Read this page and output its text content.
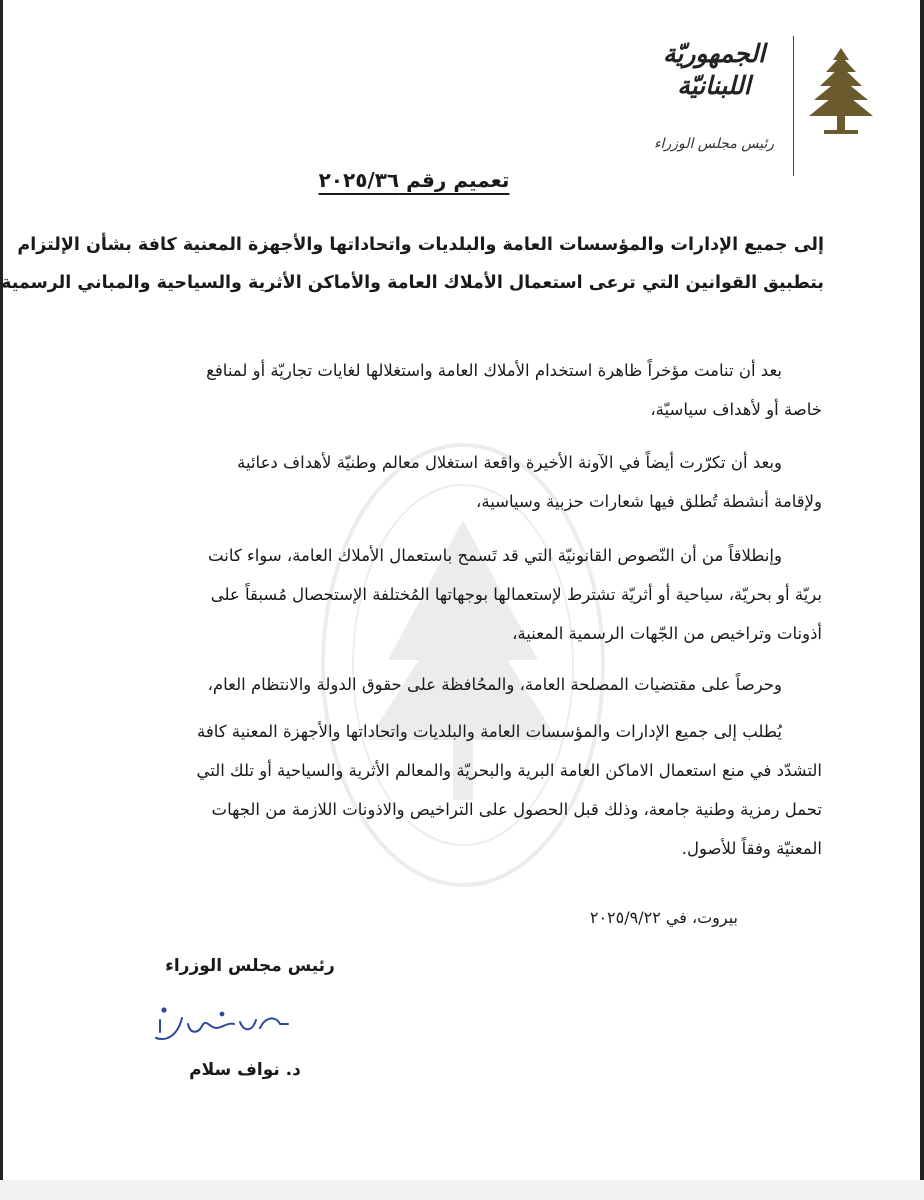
الجمهوريّة
اللبنانيّة
رئيس مجلس الوزراء
تعميم رقم ٢٠٢٥/٣٦
إلى جميع الإدارات والمؤسسات العامة والبلديات واتحاداتها والأجهزة المعنية كافة بشأن الإلتزام
بتطبيق القوانين التي ترعى استعمال الأملاك العامة والأماكن الأثرية والسياحية والمباني الرسمية
بعد أن تنامت مؤخراً ظاهرة استخدام الأملاك العامة واستغلالها لغايات تجاريّة أو لمنافع
خاصة أو لأهداف سياسيّة،
وبعد أن تكرّرت أيضاً في الآونة الأخيرة واقعة استغلال معالم وطنيّة لأهداف دعائية
ولإقامة أنشطة تُطلق فيها شعارات حزبية وسياسية،
وإنطلاقاً من أن النّصوص القانونيّة التي قد تَسمح باستعمال الأملاك العامة، سواء كانت
بريّة أو بحريّة، سياحية أو أثريّة تشترط لإستعمالها بوجهاتها المُختلفة الإستحصال مُسبقاً على
أذونات وتراخيص من الجّهات الرسمية المعنية،
وحرصاً على مقتضيات المصلحة العامة، والمحُافظة على حقوق الدولة والانتظام العام،
يُطلب إلى جميع الإدارات والمؤسسات العامة والبلديات واتحاداتها والأجهزة المعنية كافة
التشدّد في منع استعمال الاماكن العامة البرية والبحريّة والمعالم الأثرية والسياحية أو تلك التي
تحمل رمزية وطنية جامعة، وذلك قبل الحصول على التراخيص والاذونات اللازمة من الجهات
المعنيّة وفقاً للأصول.
بيروت، في ٢٠٢٥/٩/٢٢
رئيس مجلس الوزراء
د. نواف سلام
